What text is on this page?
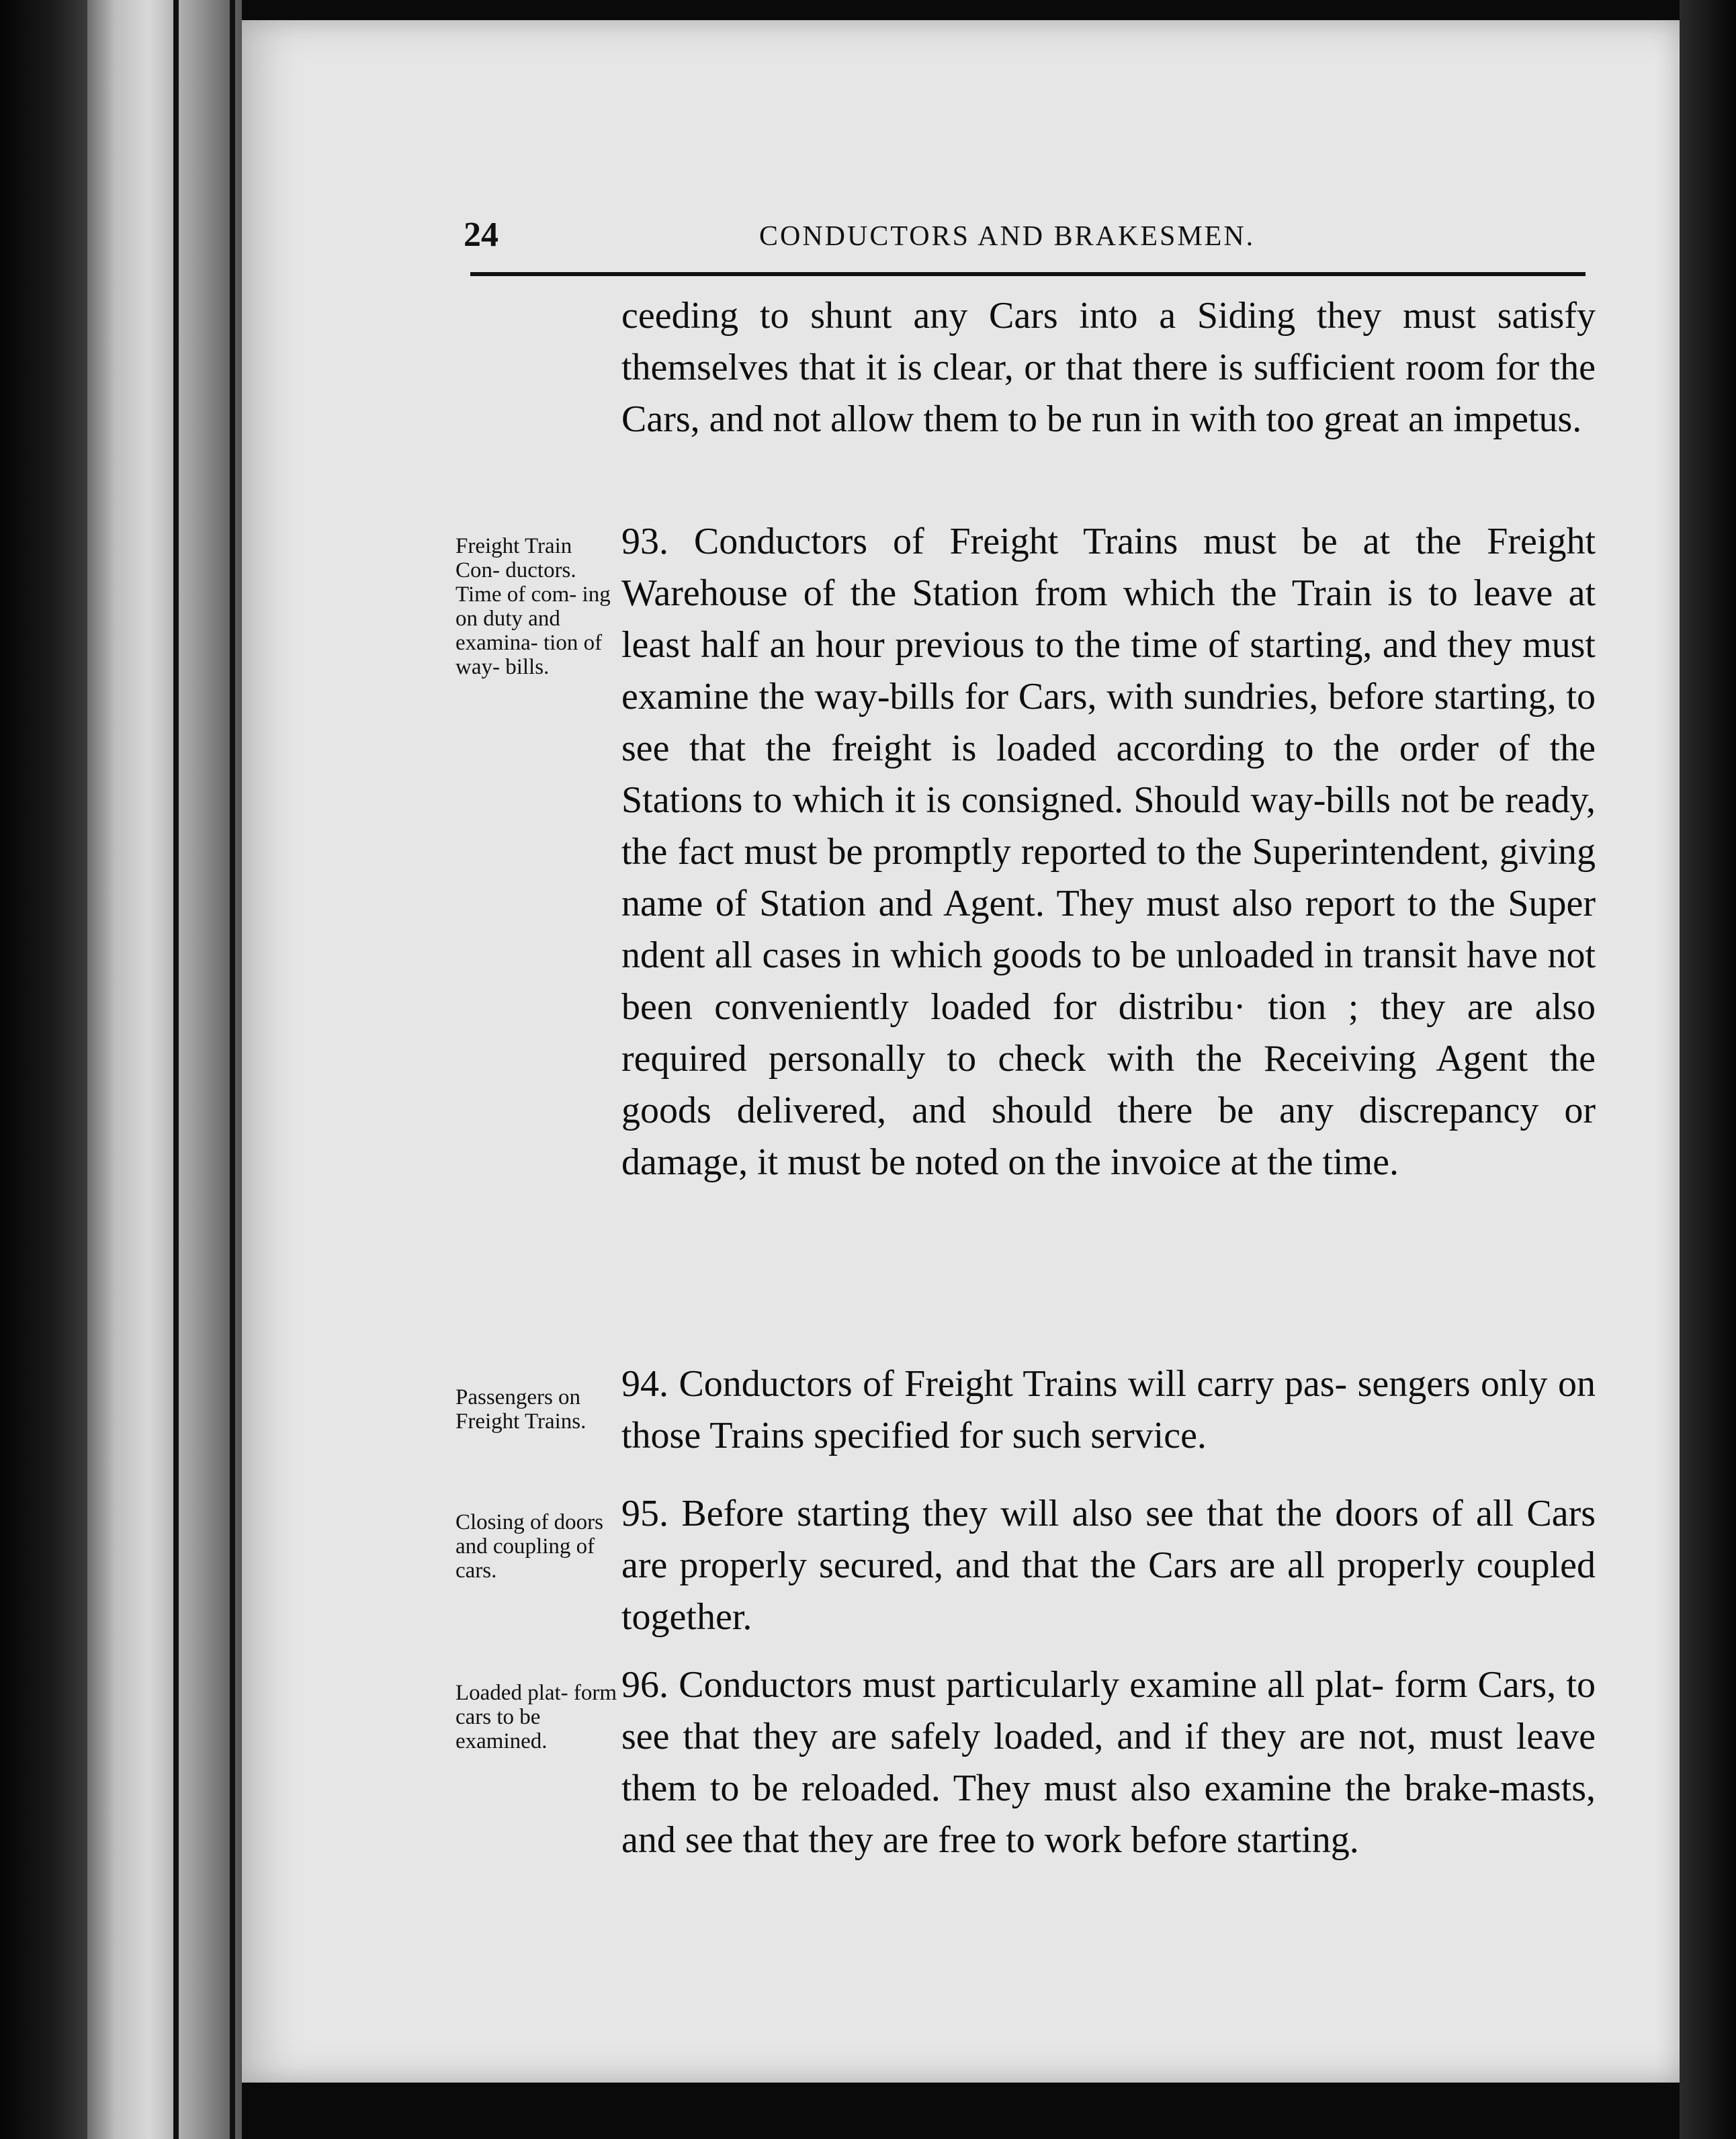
24	CONDUCTORS AND BRAKESMEN.

ceeding to shunt any Cars into a Siding they must satisfy themselves that it is clear, or that there is sufficient room for the Cars, and not allow them to be run in with too great an impetus.

Freight Train Con- ductors. Time of com- ing on duty and examina- tion of way- bills.

93. Conductors of Freight Trains must be at the Freight Warehouse of the Station from which the Train is to leave at least half an hour previous to the time of starting, and they must examine the way-bills for Cars, with sundries, before starting, to see that the freight is loaded according to the order of the Stations to which it is consigned. Should way-bills not be ready, the fact must be promptly reported to the Superintendent, giving name of Station and Agent. They must also report to the Super ndent all cases in which goods to be unloaded in transit have not been conveniently loaded for distribu· tion ; they are also required personally to check with the Receiving Agent the goods delivered, and should there be any discrepancy or damage, it must be noted on the invoice at the time.

Passengers on Freight Trains.

94. Conductors of Freight Trains will carry pas- sengers only on those Trains specified for such service.

Closing of doors and coupling of cars.

95. Before starting they will also see that the doors of all Cars are properly secured, and that the Cars are all properly coupled together.

Loaded plat- form cars to be examined.

96. Conductors must particularly examine all plat- form Cars, to see that they are safely loaded, and if they are not, must leave them to be reloaded. They must also examine the brake-masts, and see that they are free to work before starting.
